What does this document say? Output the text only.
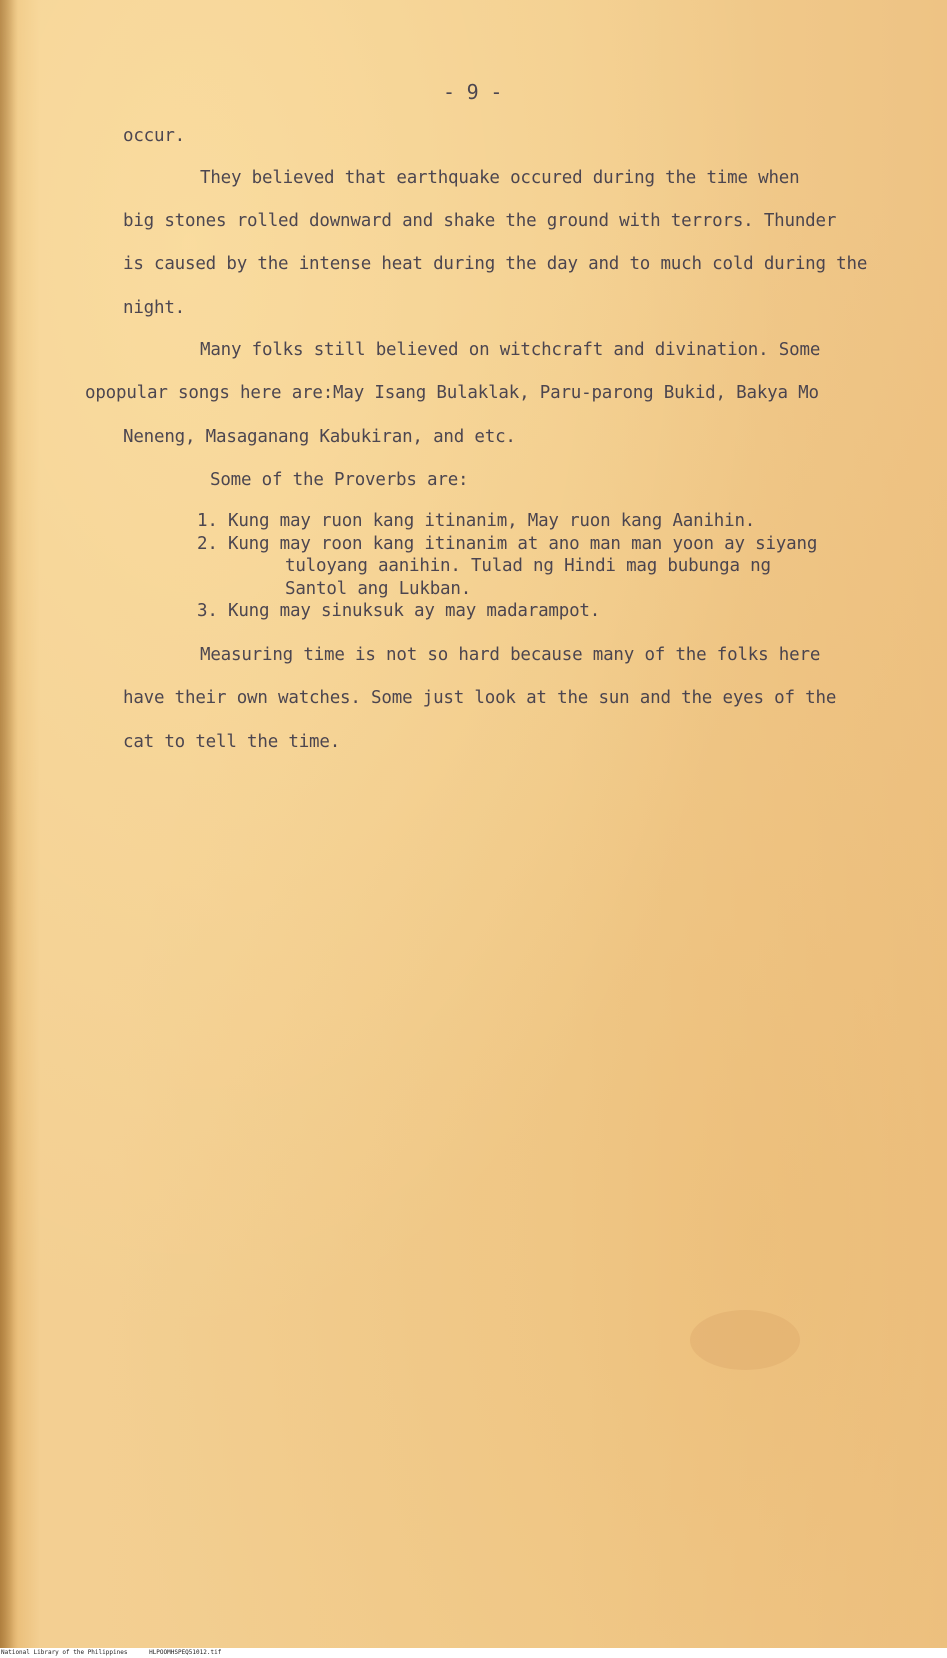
- 9 -
occur.
They believed that earthquake occured during the time when
big stones rolled downward and shake the ground with terrors. Thunder
is caused by the intense heat during the day and to much cold during the
night.
Many folks still believed on witchcraft and divination. Some
opopular songs here are:May Isang Bulaklak, Paru-parong Bukid, Bakya Mo
Neneng, Masaganang Kabukiran, and etc.
Some of the Proverbs are:
1. Kung may ruon kang itinanim, May ruon kang Aanihin.
2. Kung may roon kang itinanim at ano man man yoon ay siyang
tuloyang aanihin. Tulad ng Hindi mag bubunga ng
Santol ang Lukban.
3. Kung may sinuksuk ay may madarampot.
Measuring time is not so hard because many of the folks here
have their own watches. Some just look at the sun and the eyes of the
cat to tell the time.
National Library of the Philippines	HLPOOMHSPEQ51012.tif
